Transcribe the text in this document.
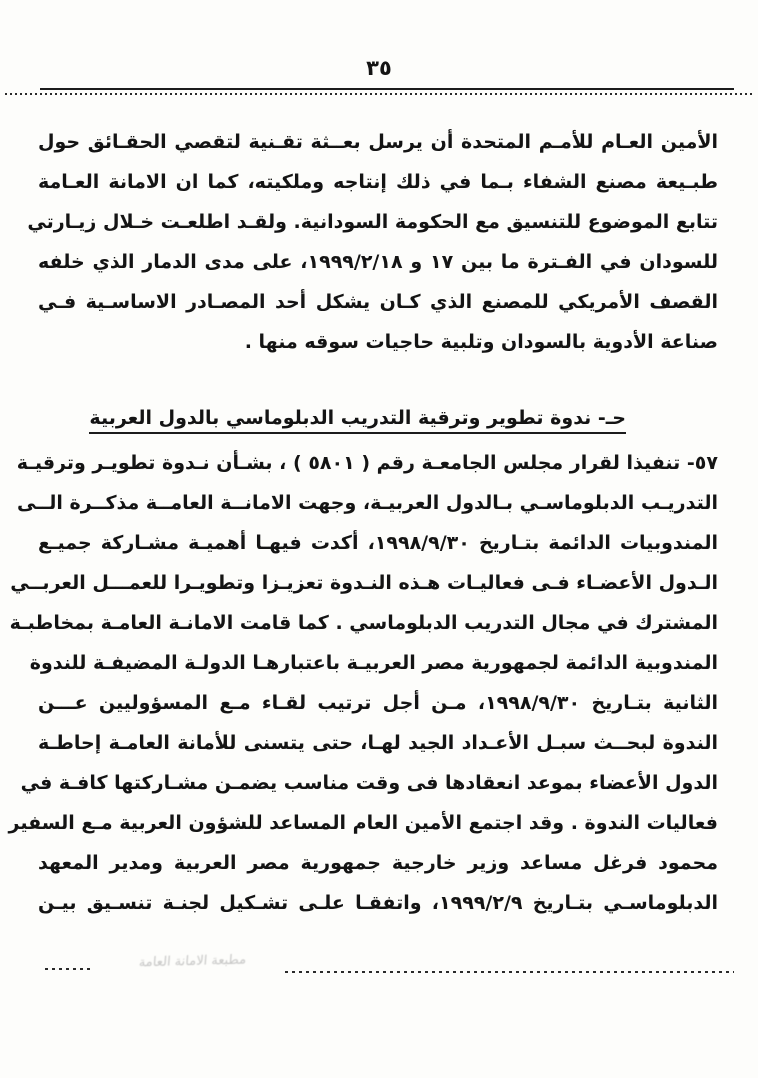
٣٥
الأمين العـام للأمـم المتحدة أن يرسل بعــثة تقـنية لتقصي الحقـائق حول
طبـيعة مصنع الشفاء بـما في ذلك إنتاجه وملكيته، كما ان الامانة العـامة
تتابع الموضوع للتنسيق مع الحكومة السودانية. ولقـد اطلعـت خـلال زيـارتي
للسودان في الفـترة ما بين ١٧ و ١٩٩٩/٢/١٨، على مدى الدمار الذي خلفه
القصف الأمريكي للمصنع الذي كـان يشكل أحد المصـادر الاساسـية فـي
صناعة الأدوية بالسودان وتلبية حاجيات سوقه منها .
حـ- ندوة تطوير وترقية التدريب الدبلوماسي بالدول العربية
٥٧- تنفيذا لقرار مجلس الجامعـة رقم ( ٥٨٠١ ) ، بشـأن نـدوة تطويـر وترقيـة
التدريـب الدبلوماسـي بـالدول العربيـة، وجهت الامانــة العامــة مذكــرة الــى
المندوبيات الدائمة بتـاريخ ١٩٩٨/٩/٣٠، أكدت فيهـا أهميـة مشـاركة جميـع
الـدول الأعضـاء فـى فعاليـات هـذه النـدوة تعزيـزا وتطويـرا للعمـــل العربــي
المشترك في مجال التدريب الدبلوماسي . كما قامت الامانـة العامـة بمخاطبـة
المندوبية الدائمة لجمهورية مصر العربيـة باعتبارهـا الدولـة المضيفـة للندوة
الثانية بتـاريخ ١٩٩٨/٩/٣٠، مـن أجل ترتيب لقـاء مـع المسؤوليين عـــن
الندوة لبحــث سبـل الأعـداد الجيد لهـا، حتى يتسنى للأمانة العامـة إحاطـة
الدول الأعضاء بموعد انعقادها فى وقت مناسب يضمـن مشـاركتها كافـة في
فعاليات الندوة . وقد اجتمع الأمين العام المساعد للشؤون العربية مـع السفير
محمود فرغل مساعد وزير خارجية جمهورية مصر العربية ومدير المعهد
الدبلوماسـي بتـاريخ ١٩٩٩/٢/٩، واتفقـا علـى تشـكيل لجنـة تنسـيق بيـن
مطبعة الامانة العامة
